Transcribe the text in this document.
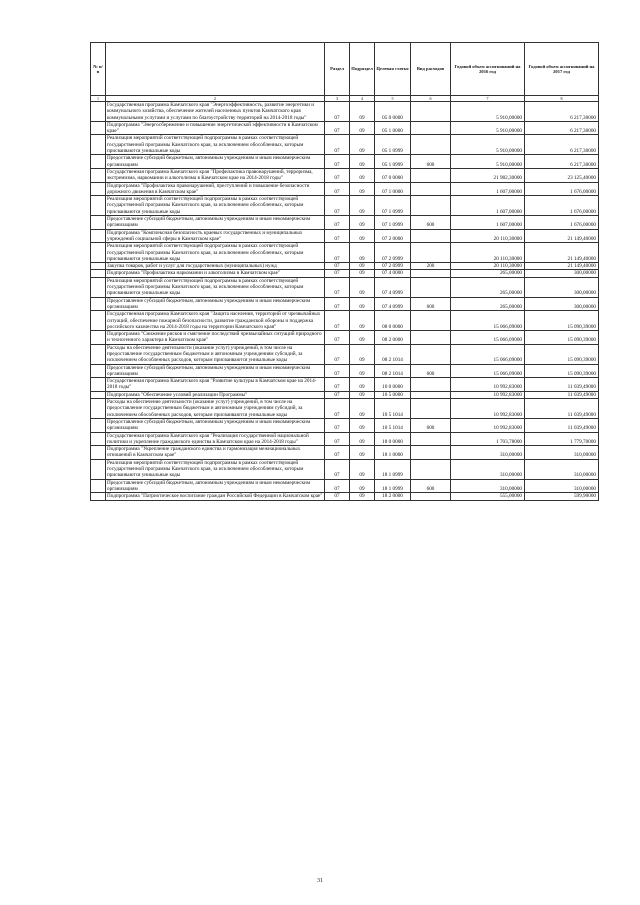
№ п/п		Раздел	Подраздел	Целевая статья	Вид расходов	Годовой объем ассигнований на 2016 год	Годовой объем ассигнований на 2017 год
1	2	3	4	5	6	7	8
	Государственная программа Камчатского края "Энергоэффективность, развитие энергетики и коммунального хозяйства, обеспечение жителей населенных пунктов Камчатского края коммунальными услугами и услугами по благоустройству территорий на 2014-2018 годы"	07	09	05 0 0000		5 910,00000	6 217,30000
	Подпрограмма "Энергосбережение и повышение энергетической эффективности в Камчатском крае"	07	09	05 1 0000		5 910,00000	6 217,30000
	Реализация мероприятий соответствующей подпрограммы в рамках соответствующей государственной программы Камчатского края, за исключением обособленных, которым присваиваются уникальные коды	07	09	05 1 0999		5 910,00000	6 217,30000
	Предоставление субсидий бюджетным, автономным учреждениям и иным некоммерческим организациям	07	09	05 1 0999	600	5 910,00000	6 217,30000
	Государственная программа Камчатского края "Профилактика правонарушений, терроризма, экстремизма, наркомании и алкоголизма в Камчатском крае на 2014-2018 годы"	07	09	07 0 0000		21 982,30000	23 125,40000
	Подпрограмма "Профилактика правонарушений, преступлений и повышение безопасности дорожного движения в Камчатском крае"	07	09	07 1 0000		1 607,00000	1 676,00000
	Реализация мероприятий соответствующей подпрограммы в рамках соответствующей государственной программы Камчатского края, за исключением обособленных, которым присваиваются уникальные коды	07	09	07 1 0999		1 607,00000	1 676,00000
	Предоставление субсидий бюджетным, автономным учреждениям и иным некоммерческим организациям	07	09	07 1 0999	600	1 607,00000	1 676,00000
	Подпрограмма "Комплексная безопасность краевых государственных и муниципальных учреждений социальной сферы в Камчатском крае"	07	09	07 2 0000		20 110,30000	21 149,40000
	Реализация мероприятий соответствующей подпрограммы в рамках соответствующей государственной программы Камчатского края, за исключением обособленных, которым присваиваются уникальные коды	07	09	07 2 0999		20 110,30000	21 149,40000
	Закупка товаров, работ и услуг для государственных (муниципальных) нужд	07	09	07 2 0999	200	20 110,30000	21 149,40000
	Подпрограмма "Профилактика наркомании и алкоголизма в Камчатском крае"	07	09	07 4 0000		265,00000	300,00000
	Реализация мероприятий соответствующей подпрограммы в рамках соответствующей государственной программы Камчатского края, за исключением обособленных, которым присваиваются уникальные коды	07	09	07 4 0999		265,00000	300,00000
	Предоставление субсидий бюджетным, автономным учреждениям и иным некоммерческим организациям	07	09	07 4 0999	600	265,00000	300,00000
	Государственная программа Камчатского края "Защита населения, территорий от чрезвычайных ситуаций, обеспечение пожарной безопасности, развитие гражданской обороны и поддержка российского казачества на 2014-2018 годы на территории Камчатского края"	07	09	08 0 0000		15 066,09000	15 090,39000
	Подпрограмма "Снижение рисков и смягчение последствий чрезвычайных ситуаций природного и техногенного характера в Камчатском крае"	07	09	08 2 0000		15 066,09000	15 090,39000
	Расходы на обеспечение деятельности (оказание услуг) учреждений, в том числе на предоставление государственным бюджетным и автономным учреждениям субсидий, за исключением обособленных расходов, которым присваиваются уникальные коды	07	09	08 2 1014		15 066,09000	15 090,39000
	Предоставление субсидий бюджетным, автономным учреждениям и иным некоммерческим организациям	07	09	08 2 1014	600	15 066,09000	15 090,39000
	Государственная программа Камчатского края "Развитие культуры в Камчатском крае на 2014-2018 годы"	07	09	10 0 0000		10 992,83000	11 039,49000
	Подпрограмма "Обеспечение условий реализации Программы"	07	09	10 5 0000		10 992,83000	11 039,49000
	Расходы на обеспечение деятельности (оказание услуг) учреждений, в том числе на предоставление государственным бюджетным и автономным учреждениям субсидий, за исключением обособленных расходов, которым присваиваются уникальные коды	07	09	10 5 1014		10 992,83000	11 039,49000
	Предоставление субсидий бюджетным, автономным учреждениям и иным некоммерческим организациям	07	09	10 5 1014	600	10 992,83000	11 039,49000
	Государственная программа Камчатского края "Реализация государственной национальной политики и укрепление гражданского единства в Камчатском крае на 2014-2018 годы"	07	09	18 0 0000		1 703,78000	1 779,70000
	Подпрограмма "Укрепление гражданского единства и гармонизация межнациональных отношений в Камчатском крае"	07	09	18 1 0000		310,00000	310,00000
	Реализация мероприятий соответствующей подпрограммы в рамках соответствующей государственной программы Камчатского края, за исключением обособленных, которым присваиваются уникальные коды	07	09	18 1 0999		310,00000	310,00000
	Предоставление субсидий бюджетным, автономным учреждениям и иным некоммерческим организациям	07	09	18 1 0999	600	310,00000	310,00000
	Подпрограмма "Патриотическое воспитание граждан Российской Федерации в Камчатском крае"	07	09	18 2 0000		555,00000	599,90000
31
